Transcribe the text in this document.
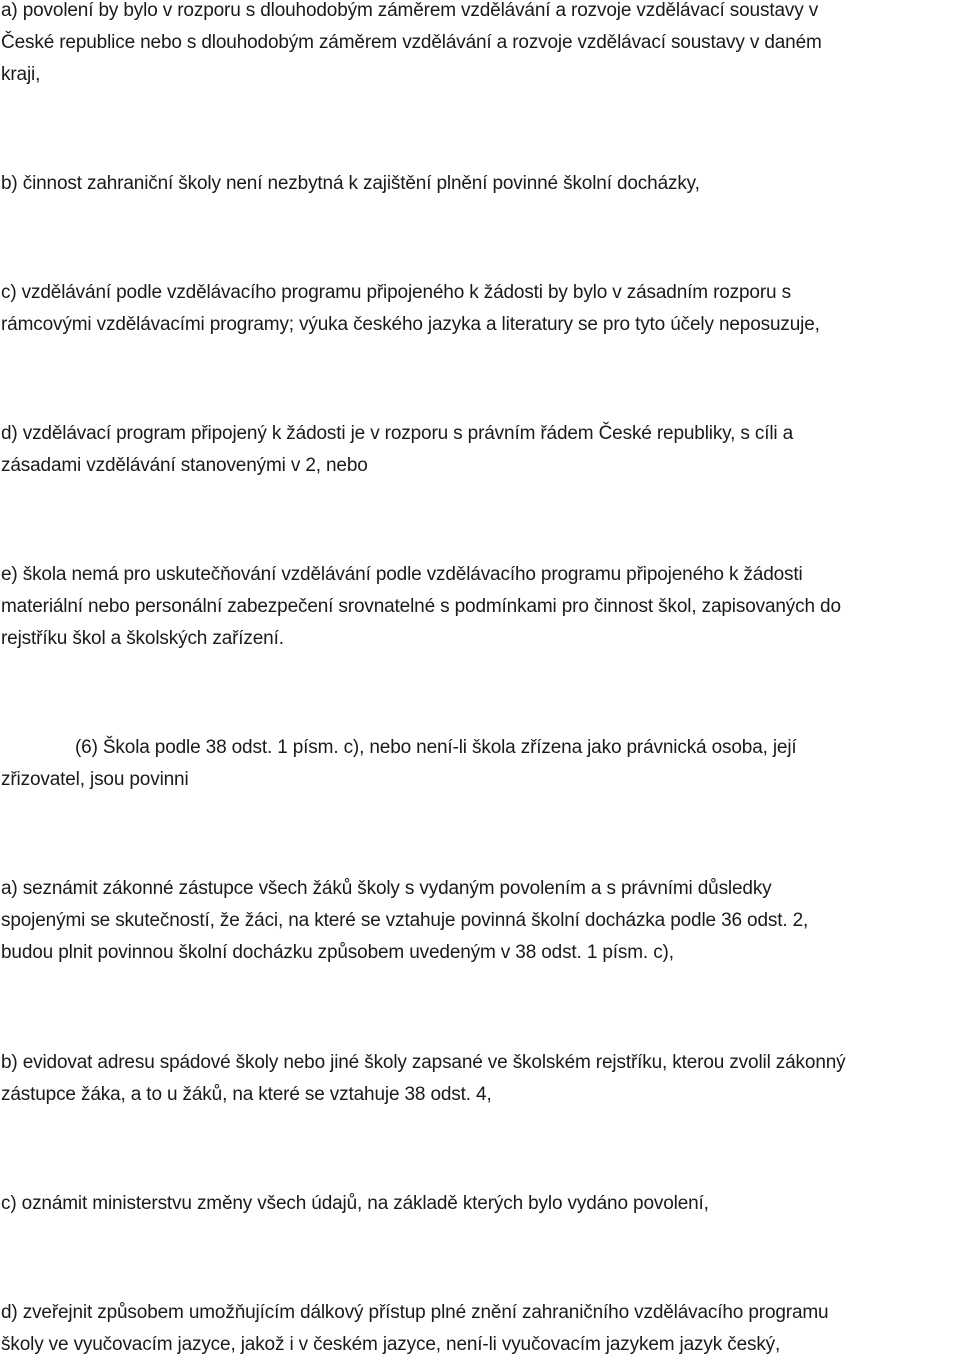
a) povolení by bylo v rozporu s dlouhodobým záměrem vzdělávání a rozvoje vzdělávací soustavy v
České republice nebo s dlouhodobým záměrem vzdělávání a rozvoje vzdělávací soustavy v daném
kraji,

b) činnost zahraniční školy není nezbytná k zajištění plnění povinné školní docházky,

c) vzdělávání podle vzdělávacího programu připojeného k žádosti by bylo v zásadním rozporu s
rámcovými vzdělávacími programy; výuka českého jazyka a literatury se pro tyto účely neposuzuje,

d) vzdělávací program připojený k žádosti je v rozporu s právním řádem České republiky, s cíli a
zásadami vzdělávání stanovenými v 2, nebo

e) škola nemá pro uskutečňování vzdělávání podle vzdělávacího programu připojeného k žádosti
materiální nebo personální zabezpečení srovnatelné s podmínkami pro činnost škol, zapisovaných do
rejstříku škol a školských zařízení.

(6) Škola podle 38 odst. 1 písm. c), nebo není-li škola zřízena jako právnická osoba, její
zřizovatel, jsou povinni

a) seznámit zákonné zástupce všech žáků školy s vydaným povolením a s právními důsledky
spojenými se skutečností, že žáci, na které se vztahuje povinná školní docházka podle 36 odst. 2,
budou plnit povinnou školní docházku způsobem uvedeným v 38 odst. 1 písm. c),

b) evidovat adresu spádové školy nebo jiné školy zapsané ve školském rejstříku, kterou zvolil zákonný
zástupce žáka, a to u žáků, na které se vztahuje 38 odst. 4,

c) oznámit ministerstvu změny všech údajů, na základě kterých bylo vydáno povolení,

d) zveřejnit způsobem umožňujícím dálkový přístup plné znění zahraničního vzdělávacího programu
školy ve vyučovacím jazyce, jakož i v českém jazyce, není-li vyučovacím jazykem jazyk český,
